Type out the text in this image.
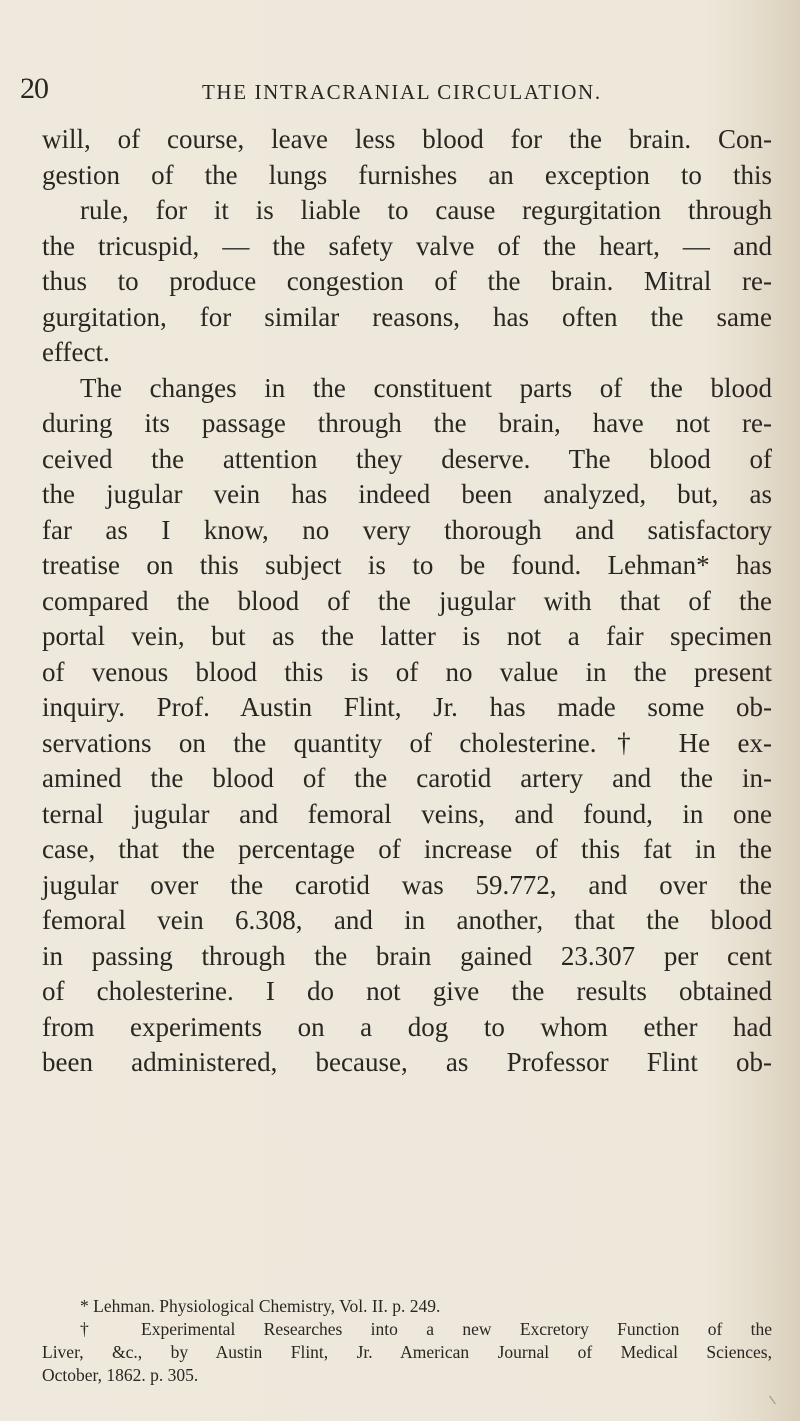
20	THE INTRACRANIAL CIRCULATION.
will, of course, leave less blood for the brain. Con-
gestion of the lungs furnishes an exception to this
rule, for it is liable to cause regurgitation through
the tricuspid, — the safety valve of the heart, — and
thus to produce congestion of the brain. Mitral re-
gurgitation, for similar reasons, has often the same
effect.
The changes in the constituent parts of the blood
during its passage through the brain, have not re-
ceived the attention they deserve. The blood of
the jugular vein has indeed been analyzed, but, as
far as I know, no very thorough and satisfactory
treatise on this subject is to be found. Lehman* has
compared the blood of the jugular with that of the
portal vein, but as the latter is not a fair specimen
of venous blood this is of no value in the present
inquiry. Prof. Austin Flint, Jr. has made some ob-
servations on the quantity of cholesterine.† He ex-
amined the blood of the carotid artery and the in-
ternal jugular and femoral veins, and found, in one
case, that the percentage of increase of this fat in the
jugular over the carotid was 59.772, and over the
femoral vein 6.308, and in another, that the blood
in passing through the brain gained 23.307 per cent
of cholesterine. I do not give the results obtained
from experiments on a dog to whom ether had
been administered, because, as Professor Flint ob-
* Lehman. Physiological Chemistry, Vol. II. p. 249.
† Experimental Researches into a new Excretory Function of the
Liver, &c., by Austin Flint, Jr. American Journal of Medical Sciences,
October, 1862. p. 305.
